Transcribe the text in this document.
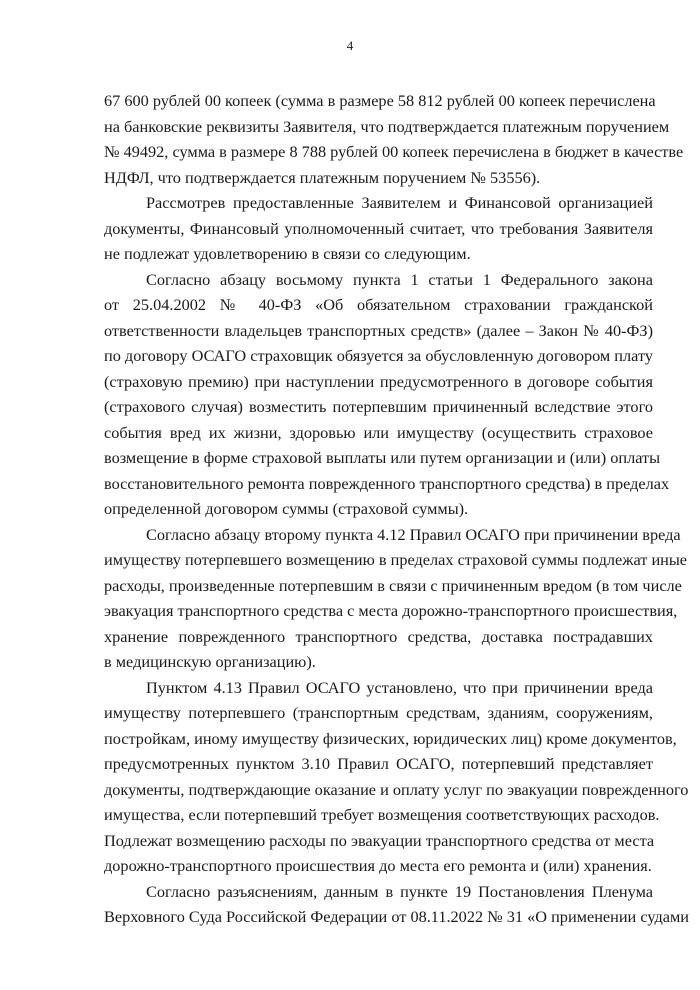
4
67 600 рублей 00 копеек (сумма в размере 58 812 рублей 00 копеек перечислена
на банковские реквизиты Заявителя, что подтверждается платежным поручением
№ 49492, сумма в размере 8 788 рублей 00 копеек перечислена в бюджет в качестве
НДФЛ, что подтверждается платежным поручением № 53556).
Рассмотрев предоставленные Заявителем и Финансовой организацией
документы, Финансовый уполномоченный считает, что требования Заявителя
не подлежат удовлетворению в связи со следующим.
Согласно абзацу восьмому пункта 1 статьи 1 Федерального закона
от 25.04.2002 № 40-ФЗ «Об обязательном страховании гражданской
ответственности владельцев транспортных средств» (далее – Закон № 40-ФЗ)
по договору ОСАГО страховщик обязуется за обусловленную договором плату
(страховую премию) при наступлении предусмотренного в договоре события
(страхового случая) возместить потерпевшим причиненный вследствие этого
события вред их жизни, здоровью или имуществу (осуществить страховое
возмещение в форме страховой выплаты или путем организации и (или) оплаты
восстановительного ремонта поврежденного транспортного средства) в пределах
определенной договором суммы (страховой суммы).
Согласно абзацу второму пункта 4.12 Правил ОСАГО при причинении вреда
имуществу потерпевшего возмещению в пределах страховой суммы подлежат иные
расходы, произведенные потерпевшим в связи с причиненным вредом (в том числе
эвакуация транспортного средства с места дорожно-транспортного происшествия,
хранение поврежденного транспортного средства, доставка пострадавших
в медицинскую организацию).
Пунктом 4.13 Правил ОСАГО установлено, что при причинении вреда
имуществу потерпевшего (транспортным средствам, зданиям, сооружениям,
постройкам, иному имуществу физических, юридических лиц) кроме документов,
предусмотренных пунктом 3.10 Правил ОСАГО, потерпевший представляет
документы, подтверждающие оказание и оплату услуг по эвакуации поврежденного
имущества, если потерпевший требует возмещения соответствующих расходов.
Подлежат возмещению расходы по эвакуации транспортного средства от места
дорожно-транспортного происшествия до места его ремонта и (или) хранения.
Согласно разъяснениям, данным в пункте 19 Постановления Пленума
Верховного Суда Российской Федерации от 08.11.2022 № 31 «О применении судами
